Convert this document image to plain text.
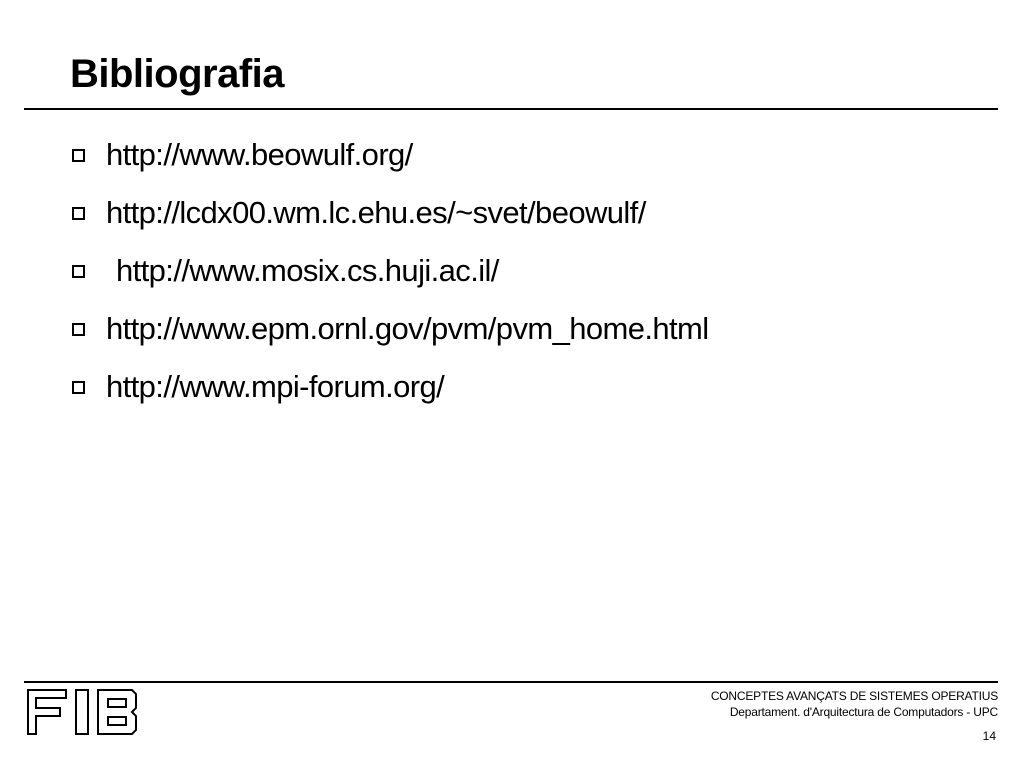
Bibliografia
http://www.beowulf.org/
http://lcdx00.wm.lc.ehu.es/~svet/beowulf/
http://www.mosix.cs.huji.ac.il/
http://www.epm.ornl.gov/pvm/pvm_home.html
http://www.mpi-forum.org/
CONCEPTES AVANÇATS DE SISTEMES OPERATIUS
Departament. d'Arquitectura de Computadors - UPC
14
